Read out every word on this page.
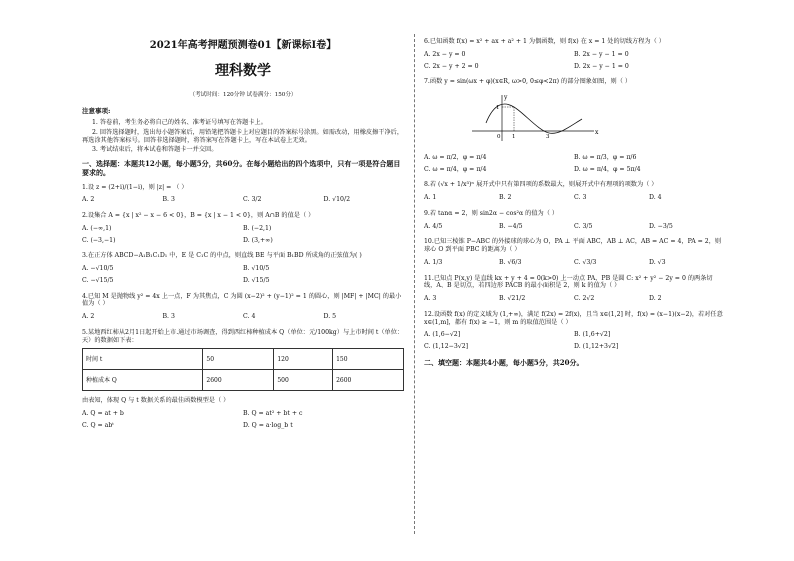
2021年高考押题预测卷01【新课标Ⅰ卷】
理科数学
（考试时间：120分钟 试卷满分：150分）
注意事项:
1. 答卷前，考生务必将自己的姓名、准考证号填写在答题卡上。
2. 回答选择题时，选出每小题答案后，用铅笔把答题卡上对应题目的答案标号涂黑。如需改动，用橡皮擦干净后，再选涂其他答案标号。回答非选择题时，将答案写在答题卡上，写在本试卷上无效。
3. 考试结束后，将本试卷和答题卡一并交回。
一、选择题：本题共12小题，每小题5分，共60分。在每小题给出的四个选项中，只有一项是符合题目要求的。
1.设 z = (2+i)/(1−i)，则 |z| = （ ）
A. 2	B. 3	C. 3/2	D. √10/2
2.设集合 A = {x | x² − x − 6 < 0}，B = {x | x − 1 < 0}，则 A∩B 的值是（ ）
A. (−∞,1)	B. (−2,1)
C. (−3,−1)	D. (3,+∞)
3.在正方体 ABCD−A₁B₁C₁D₁ 中，E 是 C₁C 的中点，则直线 BE 与平面 B₁BD 所成角的正弦值为( )
A. −√10/5	B. √10/5
C. −√15/5	D. √15/5
4.已知 M 是抛物线 y² = 4x 上一点，F 为其焦点，C 为圆 (x−2)² + (y−1)² = 1 的圆心，则 |MF| + |MC| 的最小值为（ ）
A. 2	B. 3	C. 4	D. 5
5.某地西红柿从2月1日起开始上市.通过市场调查，得到西红柿种植成本 Q（单位：元/100kg）与上市时间 t（单位：天）的数据如下表：
时间 t	50	120	150
种植成本 Q	2600	500	2600
由表知，体现 Q 与 t 数据关系的最佳函数模型是（ ）
A. Q = at + b	B. Q = at² + bt + c
C. Q = abᵗ	D. Q = a·log_b t
6.已知函数 f(x) = x² + ax + a² + 1 为偶函数，则 f(x) 在 x = 1 处的切线方程为（ ）
A. 2x − y = 0	B. 2x − y − 1 = 0
C. 2x − y + 2 = 0	D. 2x − y − 1 = 0
7.函数 y = sin(ωx + φ)(x∈R, ω>0, 0≤φ<2π) 的部分图象如图，则（ ）
y
x
0 1	3
1
A. ω = π/2，φ = π/4	B. ω = π/3，φ = π/6
C. ω = π/4，φ = π/4	D. ω = π/4，φ = 5π/4
8.若 (√x + 1/x³)ⁿ 展开式中只有第四项的系数最大，则展开式中有理项的项数为（ ）
A. 1	B. 2	C. 3	D. 4
9.若 tanα = 2，则 sin2α − cos²α 的值为（ ）
A. 4/5	B. −4/5	C. 3/5	D. −3/5
10.已知三棱锥 P−ABC 的外接球的球心为 O，PA ⊥ 平面 ABC，AB ⊥ AC，AB = AC = 4，PA = 2，则球心 O 到平面 PBC 的距离为（ ）
A. 1/3	B. √6/3	C. √3/3	D. √3
11.已知点 P(x,y) 是直线 kx + y + 4 = 0(k>0) 上一动点 PA、PB 是圆 C: x² + y² − 2y = 0 的两条切线，A、B 是切点，若四边形 PACB 的最小面积是 2，则 k 的值为（ ）
A. 3	B. √21/2	C. 2√2	D. 2
12.设函数 f(x) 的定义域为 (1,+∞)，满足 f(2x) = 2f(x)，且当 x∈(1,2] 时，f(x) = (x−1)(x−2)，若对任意 x∈(1,m]，都有 f(x) ≥ −1，则 m 的取值范围是（ ）
A. (1,6−√2]	B. (1,6+√2]
C. (1,12−3√2]	D. (1,12+3√2]
二、填空题：本题共4小题，每小题5分，共20分。
